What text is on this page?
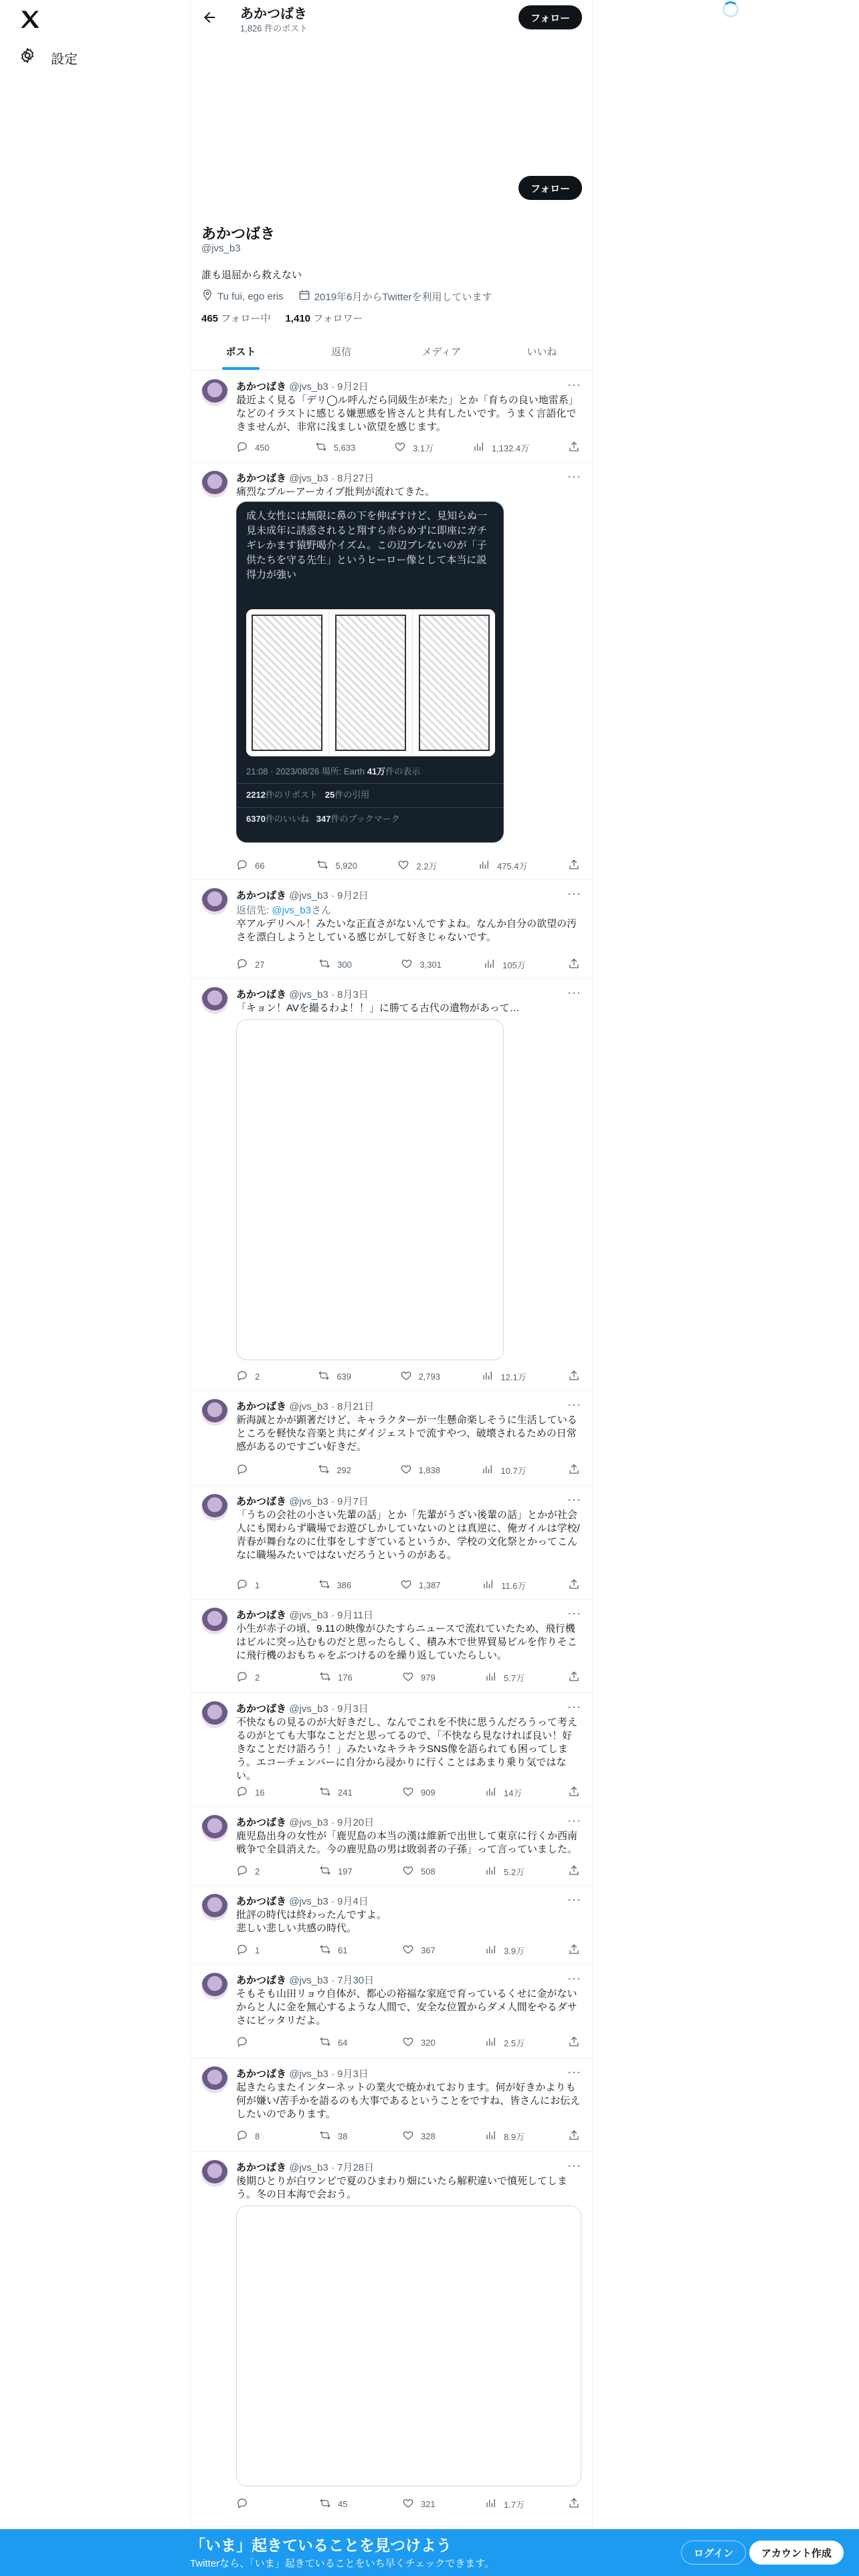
設定
あかつばき
1,826 件のポスト
フォロー
フォロー
あかつばき
@jvs_b3
誰も退屈から救えない
Tu fui, ego eris	2019年6月からTwitterを利用しています
465 フォロー中 1,410 フォロワー
ポスト	返信	メディア	いいね
あかつばき @jvs_b3 · 9月2日	···
最近よく見る「デリ◯ル呼んだら同級生が来た」とか「育ちの良い地雷系」などのイラストに感じる嫌悪感を皆さんと共有したいです。うまく言語化できませんが、非常に浅ましい欲望を感じます。
450	5,633	3.1万	1,132.4万
あかつばき @jvs_b3 · 8月27日	···
痛烈なブルーアーカイブ批判が流れてきた。
成人女性には無限に鼻の下を伸ばすけど、見知らぬ一見未成年に誘惑されると翔すら赤らめずに即座にガチギレかます猿野喝介イズム。この辺ブレないのが「子供たちを守る先生」というヒーロー像として本当に説得力が強い
21:08 · 2023/08/26 場所: Earth 41万件の表示
2212件のリポスト 25件の引用
6370件のいいね 347件のブックマーク
66	5,920	2.2万	475.4万
あかつばき @jvs_b3 · 9月2日	···
返信先: @jvs_b3さん
卒アルデリヘル！みたいな正直さがないんですよね。なんか自分の欲望の汚さを漂白しようとしている感じがして好きじゃないです。
27	300	3,301	105万
あかつばき @jvs_b3 · 8月3日	···
「キョン！AVを撮るわよ！！」に勝てる古代の遺物があって…
2	639	2,793	12.1万
あかつばき @jvs_b3 · 8月21日	···
新海誠とかが顕著だけど、キャラクターが一生懸命楽しそうに生活しているところを軽快な音楽と共にダイジェストで流すやつ、破壊されるための日常感があるのですごい好きだ。
292	1,838	10.7万
あかつばき @jvs_b3 · 9月7日	···
「うちの会社の小さい先輩の話」とか「先輩がうざい後輩の話」とかが社会人にも関わらず職場でお遊びしかしていないのとは真逆に、俺ガイルは学校/青春が舞台なのに仕事をしすぎているというか、学校の文化祭とかってこんなに職場みたいではないだろうというのがある。
1	386	1,387	11.6万
あかつばき @jvs_b3 · 9月11日	···
小生が赤子の頃、9.11の映像がひたすらニュースで流れていたため、飛行機はビルに突っ込むものだと思ったらしく、積み木で世界貿易ビルを作りそこに飛行機のおもちゃをぶつけるのを繰り返していたらしい。
2	176	979	5.7万
あかつばき @jvs_b3 · 9月3日	···
不快なもの見るのが大好きだし、なんでこれを不快に思うんだろうって考えるのがとても大事なことだと思ってるので、「不快なら見なければ良い！好きなことだけ語ろう！」みたいなキラキラSNS像を語られても困ってしまう。エコーチェンバーに自分から浸かりに行くことはあまり乗り気ではない。
16	241	909	14万
あかつばき @jvs_b3 · 9月20日	···
鹿児島出身の女性が「鹿児島の本当の漢は維新で出世して東京に行くか西南戦争で全員消えた。今の鹿児島の男は敗弱者の子孫」って言っていました。
2	197	508	5.2万
あかつばき @jvs_b3 · 9月4日	···
批評の時代は終わったんですよ。
悲しい悲しい共感の時代。
1	61	367	3.9万
あかつばき @jvs_b3 · 7月30日	···
そもそも山田リョウ自体が、都心の裕福な家庭で育っているくせに金がないからと人に金を無心するような人間で、安全な位置からダメ人間をやるダサさにピッタリだよ。
64	320	2.5万
あかつばき @jvs_b3 · 9月3日	···
起きたらまたインターネットの業火で焼かれております。何が好きかよりも何が嫌い/苦手かを語るのも大事であるということをですね、皆さんにお伝えしたいのであります。
8	38	328	8.9万
あかつばき @jvs_b3 · 7月28日	···
後期ひとりが白ワンピで夏のひまわり畑にいたら解釈違いで憤死してしまう。冬の日本海で会おう。
45	321	1.7万
「いま」起きていることを見つけよう
Twitterなら、「いま」起きていることをいち早くチェックできます。
ログイン	アカウント作成
